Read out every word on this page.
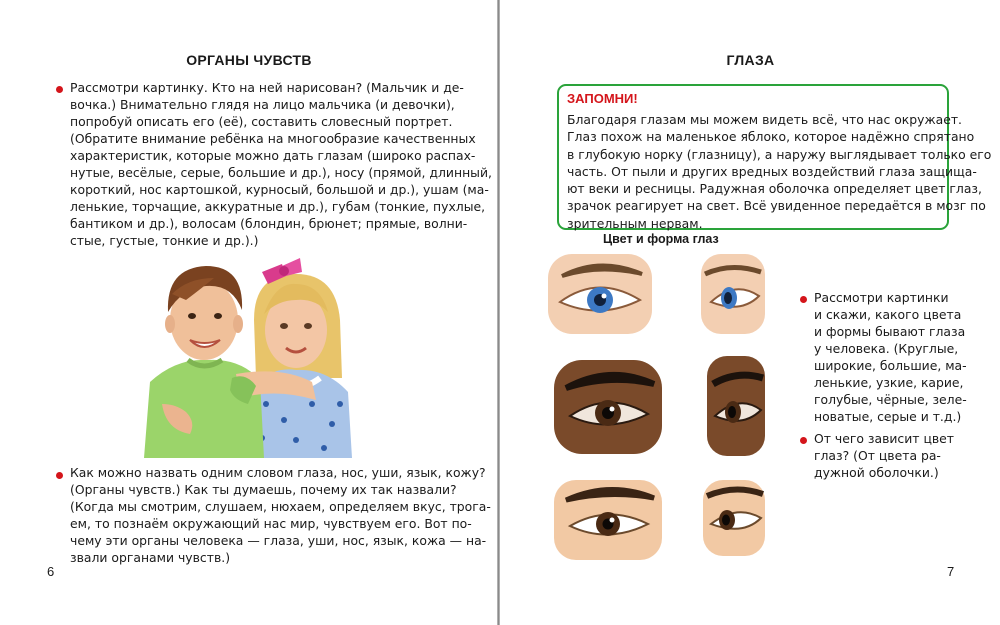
ОРГАНЫ ЧУВСТВ

Рассмотри картинку. Кто на ней нарисован? (Мальчик и де-
вочка.) Внимательно глядя на лицо мальчика (и девочки),
попробуй описать его (её), составить словесный портрет.
(Обратите внимание ребёнка на многообразие качественных
характеристик, которые можно дать глазам (широко распах-
нутые, весёлые, серые, большие и др.), носу (прямой, длинный,
короткий, нос картошкой, курносый, большой и др.), ушам (ма-
ленькие, торчащие, аккуратные и др.), губам (тонкие, пухлые,
бантиком и др.), волосам (блондин, брюнет; прямые, волни-
стые, густые, тонкие и др.).)

Как можно назвать одним словом глаза, нос, уши, язык, кожу?
(Органы чувств.) Как ты думаешь, почему их так назвали?
(Когда мы смотрим, слушаем, нюхаем, определяем вкус, трога-
ем, то познаём окружающий нас мир, чувствуем его. Вот по-
чему эти органы человека — глаза, уши, нос, язык, кожа — на-
звали органами чувств.)

6
ГЛАЗА
ЗАПОМНИ!
Благодаря глазам мы можем видеть всё, что нас окружает.
Глаз похож на маленькое яблоко, которое надёжно спрятано
в глубокую норку (глазницу), а наружу выглядывает только его
часть. От пыли и других вредных воздействий глаза защища-
ют веки и ресницы. Радужная оболочка определяет цвет глаз,
зрачок реагирует на свет. Всё увиденное передаётся в мозг по
зрительным нервам.
Цвет и форма глаз

Рассмотри картинки
и скажи, какого цвета
и формы бывают глаза
у человека. (Круглые,
широкие, большие, ма-
ленькие, узкие, карие,
голубые, чёрные, зеле-
новатые, серые и т.д.)

От чего зависит цвет
глаз? (От цвета ра-
дужной оболочки.)

7
